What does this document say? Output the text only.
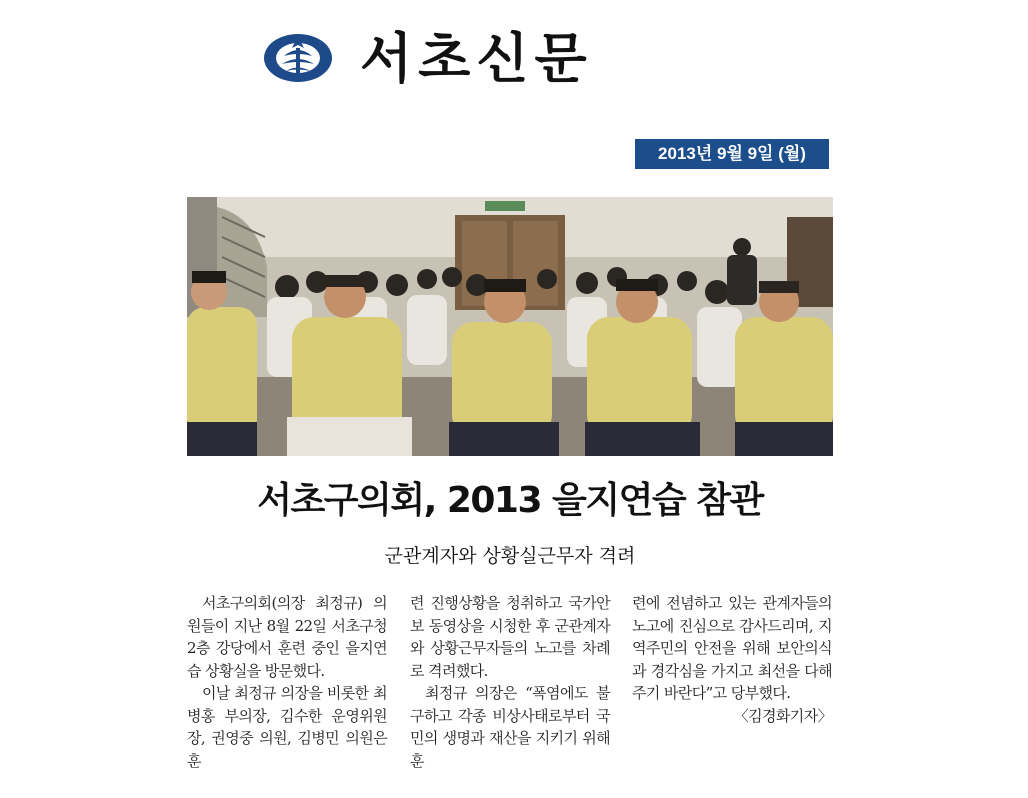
서초신문
2013년 9월 9일 (월)
서초구의회, 2013 을지연습 참관
군관계자와 상황실근무자 격려

서초구의회(의장 최정규) 의원들이 지난 8월 22일 서초구청 2층 강당에서 훈련 중인 을지연습 상황실을 방문했다.

이날 최정규 의장을 비롯한 최병홍 부의장, 김수한 운영위원장, 권영중 의원, 김병민 의원은 훈

련 진행상황을 청취하고 국가안보 동영상을 시청한 후 군관계자와 상황근무자들의 노고를 차례로 격려했다.

최정규 의장은 “폭염에도 불구하고 각종 비상사태로부터 국민의 생명과 재산을 지키기 위해 훈

련에 전념하고 있는 관계자들의 노고에 진심으로 감사드리며, 지역주민의 안전을 위해 보안의식과 경각심을 가지고 최선을 다해주기 바란다”고 당부했다.

〈김경화기자〉
